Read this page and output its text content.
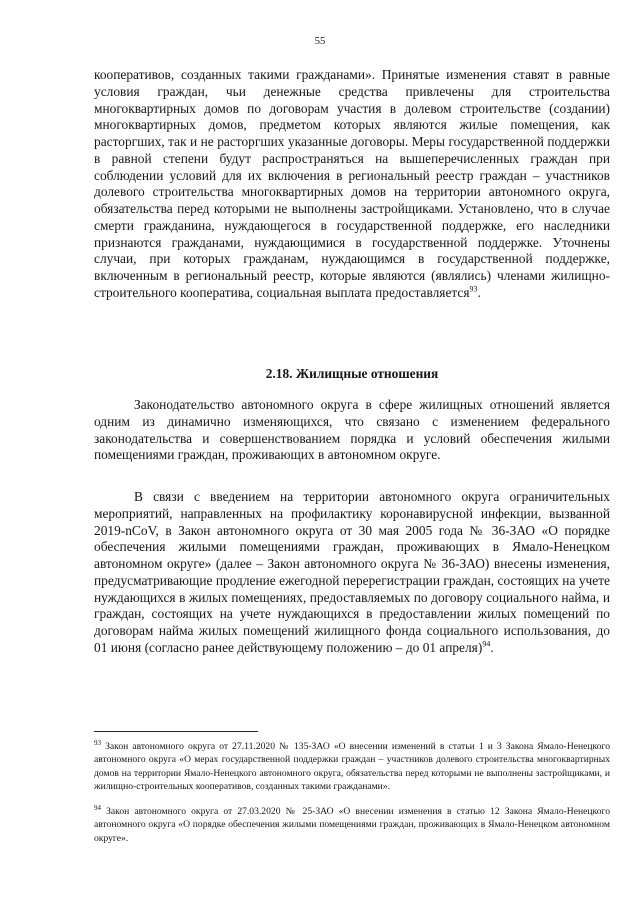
55

кооперативов, созданных такими гражданами». Принятые изменения ставят в равные условия граждан, чьи денежные средства привлечены для строительства многоквартирных домов по договорам участия в долевом строительстве (создании) многоквартирных домов, предметом которых являются жилые помещения, как расторгших, так и не расторгших указанные договоры. Меры государственной поддержки в равной степени будут распространяться на вышеперечисленных граждан при соблюдении условий для их включения в региональный реестр граждан – участников долевого строительства многоквартирных домов на территории автономного округа, обязательства перед которыми не выполнены застройщиками. Установлено, что в случае смерти гражданина, нуждающегося в государственной поддержке, его наследники признаются гражданами, нуждающимися в государственной поддержке. Уточнены случаи, при которых гражданам, нуждающимся в государственной поддержке, включенным в региональный реестр, которые являются (являлись) членами жилищно-строительного кооператива, социальная выплата предоставляется$^{93}$.

2.18. Жилищные отношения

Законодательство автономного округа в сфере жилищных отношений является одним из динамично изменяющихся, что связано с изменением федерального законодательства и совершенствованием порядка и условий обеспечения жилыми помещениями граждан, проживающих в автономном округе.

В связи с введением на территории автономного округа ограничительных мероприятий, направленных на профилактику коронавирусной инфекции, вызванной 2019-nCoV, в Закон автономного округа от 30 мая 2005 года № 36-ЗАО «О порядке обеспечения жилыми помещениями граждан, проживающих в Ямало-Ненецком автономном округе» (далее – Закон автономного округа № 36-ЗАО) внесены изменения, предусматривающие продление ежегодной перерегистрации граждан, состоящих на учете нуждающихся в жилых помещениях, предоставляемых по договору социального найма, и граждан, состоящих на учете нуждающихся в предоставлении жилых помещений по договорам найма жилых помещений жилищного фонда социального использования, до 01 июня (согласно ранее действующему положению – до 01 апреля)$^{94}$.

$^{93}$ Закон автономного округа от 27.11.2020 № 135-ЗАО «О внесении изменений в статьи 1 и 3 Закона Ямало-Ненецкого автономного округа «О мерах государственной поддержки граждан – участников долевого строительства многоквартирных домов на территории Ямало-Ненецкого автономного округа, обязательства перед которыми не выполнены застройщиками, и жилищно-строительных кооперативов, созданных такими гражданами».

$^{94}$ Закон автономного округа от 27.03.2020 № 25-ЗАО «О внесении изменения в статью 12 Закона Ямало-Ненецкого автономного округа «О порядке обеспечения жилыми помещениями граждан, проживающих в Ямало-Ненецком автономном округе».
